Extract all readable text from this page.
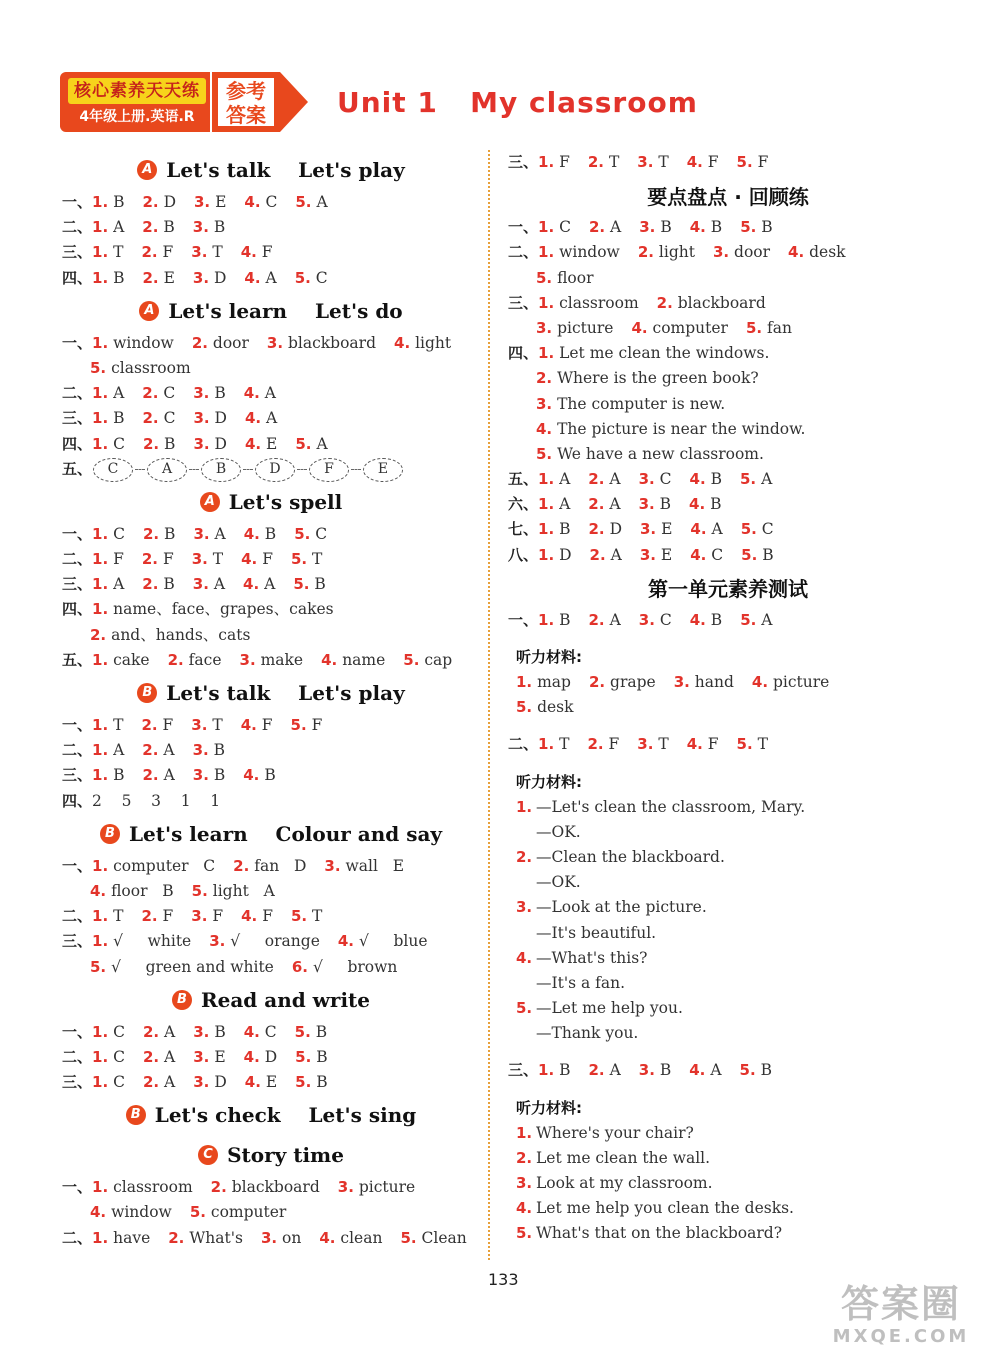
核心素养天天练
4年级上册.英语.R
参考
答案	Unit 1   My classroom
A Let's talk    Let's play
一、1. B 2. D 3. E 4. C 5. A
二、1. A 2. B 3. B
三、1. T 2. F 3. T 4. F
四、1. B 2. E 3. D 4. A 5. C
A Let's learn    Let's do
一、1. window 2. door 3. blackboard 4. light
5. classroom
二、1. A 2. C 3. B 4. A
三、1. B 2. C 3. D 4. A
四、1. C 2. B 3. D 4. E 5. A
五、	C	A	B	D	F	E
A Let's spell
一、1. C 2. B 3. A 4. B 5. C
二、1. F 2. F 3. T 4. F 5. T
三、1. A 2. B 3. A 4. A 5. B
四、1. name、face、grapes、cakes
2. and、hands、cats
五、1. cake 2. face 3. make 4. name 5. cap
B Let's talk    Let's play
一、1. T 2. F 3. T 4. F 5. F
二、1. A 2. A 3. B
三、1. B 2. A 3. B 4. B
四、2    5    3    1    1
B Let's learn    Colour and say
一、1. computer   C 2. fan   D 3. wall   E
4. floor   B 5. light   A
二、1. T 2. F 3. F 4. F 5. T
三、1. √     white 3. √     orange 4. √     blue
5. √     green and white 6. √     brown
B Read and write
一、1. C 2. A 3. B 4. C 5. B
二、1. C 2. A 3. E 4. D 5. B
三、1. C 2. A 3. D 4. E 5. B
B Let's check    Let's sing
C Story time
一、1. classroom 2. blackboard 3. picture
4. window 5. computer
二、1. have 2. What's 3. on 4. clean 5. Clean
三、1. F 2. T 3. T 4. F 5. F
要点盘点 · 回顾练
一、1. C 2. A 3. B 4. B 5. B
二、1. window 2. light 3. door 4. desk
5. floor
三、1. classroom 2. blackboard
3. picture 4. computer 5. fan
四、1. Let me clean the windows.
2. Where is the green book?
3. The computer is new.
4. The picture is near the window.
5. We have a new classroom.
五、1. A 2. A 3. C 4. B 5. A
六、1. A 2. A 3. B 4. B
七、1. B 2. D 3. E 4. A 5. C
八、1. D 2. A 3. E 4. C 5. B
第一单元素养测试
一、1. B 2. A 3. C 4. B 5. A
听力材料:
1. map 2. grape 3. hand 4. picture
5. desk
二、1. T 2. F 3. T 4. F 5. T
听力材料:
1. —Let's clean the classroom, Mary.
—OK.
2. —Clean the blackboard.
—OK.
3. —Look at the picture.
—It's beautiful.
4. —What's this?
—It's a fan.
5. —Let me help you.
—Thank you.
三、1. B 2. A 3. B 4. A 5. B
听力材料:
1. Where's your chair?
2. Let me clean the wall.
3. Look at my classroom.
4. Let me help you clean the desks.
5. What's that on the blackboard?
133
答案圈
MXQE.COM
